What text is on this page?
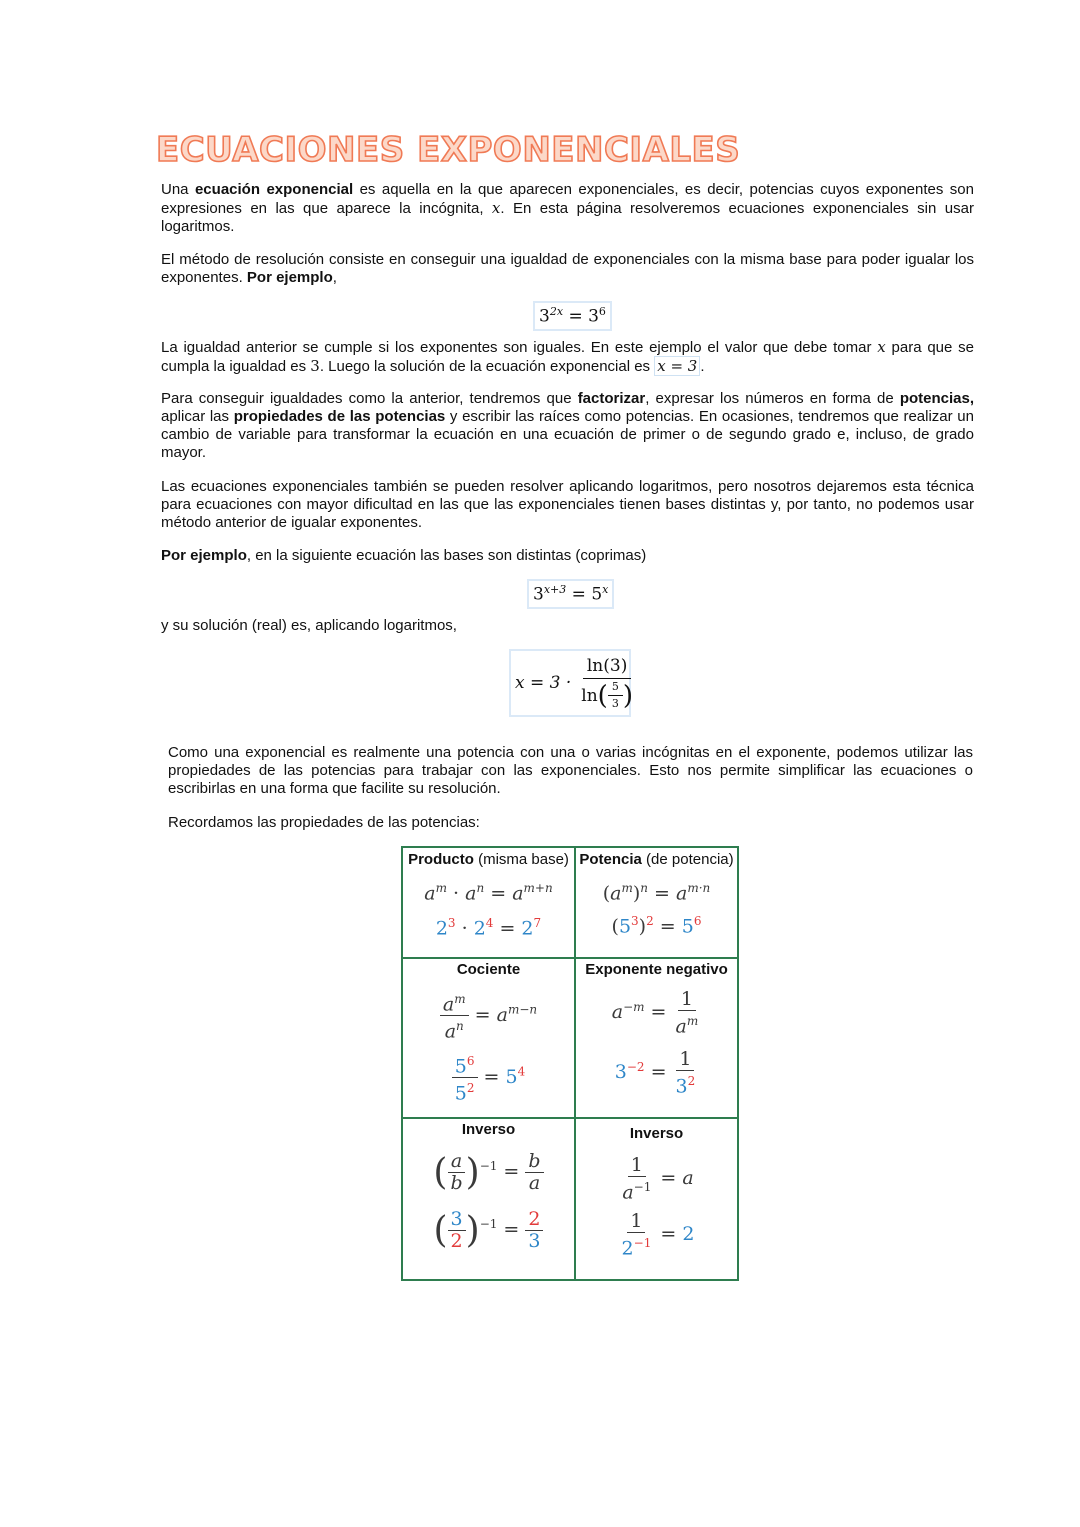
ECUACIONES EXPONENCIALES

Una ecuación exponencial es aquella en la que aparecen exponenciales, es decir, potencias cuyos exponentes son expresiones en las que aparece la incógnita, x. En esta página resolveremos ecuaciones exponenciales sin usar logaritmos.

El método de resolución consiste en conseguir una igualdad de exponenciales con la misma base para poder igualar los exponentes. Por ejemplo,

$3^{2x} = 3^6$

La igualdad anterior se cumple si los exponentes son iguales. En este ejemplo el valor que debe tomar x para que se cumpla la igualdad es 3. Luego la solución de la ecuación exponencial es x = 3 .

Para conseguir igualdades como la anterior, tendremos que factorizar, expresar los números en forma de potencias, aplicar las propiedades de las potencias y escribir las raíces como potencias. En ocasiones, tendremos que realizar un cambio de variable para transformar la ecuación en una ecuación de primer o de segundo grado e, incluso, de grado mayor.

Las ecuaciones exponenciales también se pueden resolver aplicando logaritmos, pero nosotros dejaremos esta técnica para ecuaciones con mayor dificultad en las que las exponenciales tienen bases distintas y, por tanto, no podemos usar método anterior de igualar exponentes.

Por ejemplo, en la siguiente ecuación las bases son distintas (coprimas)

$3^{x+3} = 5^x$

y su solución (real) es, aplicando logaritmos,

$x = 3 \cdot \frac{\ln(3)}{\ln ( \frac{5}{3} )}$

Como una exponencial es realmente una potencia con una o varias incógnitas en el exponente, podemos utilizar las propiedades de las potencias para trabajar con las exponenciales. Esto nos permite simplificar las ecuaciones o escribirlas en una forma que facilite su resolución.

Recordamos las propiedades de las potencias:

Producto (misma base)
$a^m \cdot a^n = a^{m+n}$
$2^3 \cdot 2^4 = 2^7$
Potencia (de potencia)
$(a^m)^n = a^{m\cdot n}$
$(5^3)^2 = 5^6$
Cociente
$\frac{a^m}{a^n} = a^{m-n}$
$\frac{5^6}{5^2} = 5^4$
Exponente negativo
$a^{-m} = \frac{1}{a^m}$
$3^{-2} = \frac{1}{3^2}$
Inverso
( $\frac{a}{b} )^{-1} = \frac{b}{a}$
( $\frac{3}{2} )^{-1} = \frac{2}{3}$
Inverso
$\frac{1}{a^{-1}} = a$
$\frac{1}{2^{-1}} = 2$
